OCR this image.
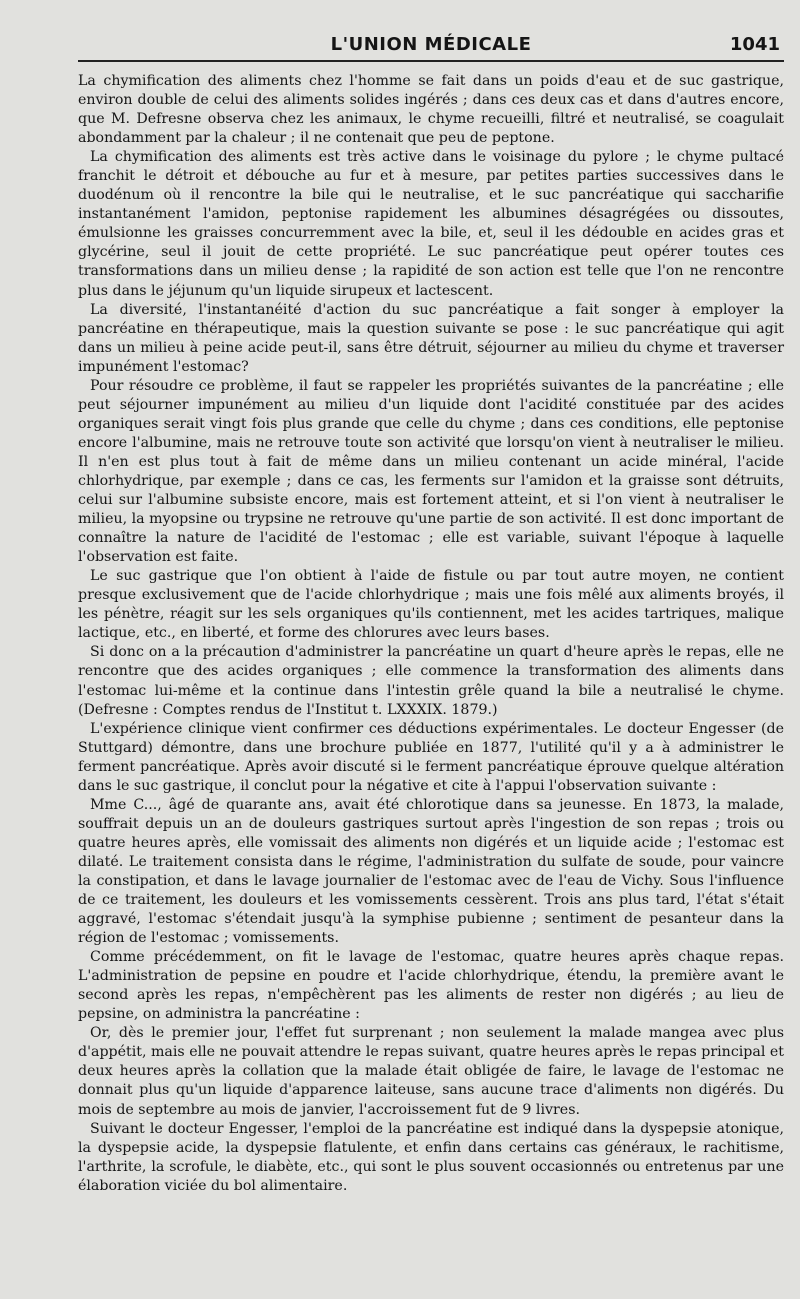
L'UNION MÉDICALE	1041

La chymification des aliments chez l'homme se fait dans un poids d'eau et de suc gastrique, environ double de celui des aliments solides ingérés ; dans ces deux cas et dans d'autres encore, que M. Defresne observa chez les animaux, le chyme recueilli, filtré et neutralisé, se coagulait abondamment par la chaleur ; il ne contenait que peu de peptone.

La chymification des aliments est très active dans le voisinage du pylore ; le chyme pultacé franchit le détroit et débouche au fur et à mesure, par petites parties successives dans le duodénum où il rencontre la bile qui le neutralise, et le suc pancréatique qui saccharifie instantanément l'amidon, peptonise rapidement les albumines désagrégées ou dissoutes, émulsionne les graisses concurremment avec la bile, et, seul il les dédouble en acides gras et glycérine, seul il jouit de cette propriété. Le suc pancréatique peut opérer toutes ces transformations dans un milieu dense ; la rapidité de son action est telle que l'on ne rencontre plus dans le jéjunum qu'un liquide sirupeux et lactescent.

La diversité, l'instantanéité d'action du suc pancréatique a fait songer à employer la pancréatine en thérapeutique, mais la question suivante se pose : le suc pancréatique qui agit dans un milieu à peine acide peut-il, sans être détruit, séjourner au milieu du chyme et traverser impunément l'estomac?

Pour résoudre ce problème, il faut se rappeler les propriétés suivantes de la pancréatine ; elle peut séjourner impunément au milieu d'un liquide dont l'acidité constituée par des acides organiques serait vingt fois plus grande que celle du chyme ; dans ces conditions, elle peptonise encore l'albumine, mais ne retrouve toute son activité que lorsqu'on vient à neutraliser le milieu. Il n'en est plus tout à fait de même dans un milieu contenant un acide minéral, l'acide chlorhydrique, par exemple ; dans ce cas, les ferments sur l'amidon et la graisse sont détruits, celui sur l'albumine subsiste encore, mais est fortement atteint, et si l'on vient à neutraliser le milieu, la myopsine ou trypsine ne retrouve qu'une partie de son activité. Il est donc important de connaître la nature de l'acidité de l'estomac ; elle est variable, suivant l'époque à laquelle l'observation est faite.

Le suc gastrique que l'on obtient à l'aide de fistule ou par tout autre moyen, ne contient presque exclusivement que de l'acide chlorhydrique ; mais une fois mêlé aux aliments broyés, il les pénètre, réagit sur les sels organiques qu'ils contiennent, met les acides tartriques, malique lactique, etc., en liberté, et forme des chlorures avec leurs bases.

Si donc on a la précaution d'administrer la pancréatine un quart d'heure après le repas, elle ne rencontre que des acides organiques ; elle commence la transformation des aliments dans l'estomac lui-même et la continue dans l'intestin grêle quand la bile a neutralisé le chyme. (Defresne : Comptes rendus de l'Institut t. LXXXIX. 1879.)

L'expérience clinique vient confirmer ces déductions expérimentales. Le docteur Engesser (de Stuttgard) démontre, dans une brochure publiée en 1877, l'utilité qu'il y a à administrer le ferment pancréatique. Après avoir discuté si le ferment pancréatique éprouve quelque altération dans le suc gastrique, il conclut pour la négative et cite à l'appui l'observation suivante :

Mme C..., âgé de quarante ans, avait été chlorotique dans sa jeunesse. En 1873, la malade, souffrait depuis un an de douleurs gastriques surtout après l'ingestion de son repas ; trois ou quatre heures après, elle vomissait des aliments non digérés et un liquide acide ; l'estomac est dilaté. Le traitement consista dans le régime, l'administration du sulfate de soude, pour vaincre la constipation, et dans le lavage journalier de l'estomac avec de l'eau de Vichy. Sous l'influence de ce traitement, les douleurs et les vomissements cessèrent. Trois ans plus tard, l'état s'était aggravé, l'estomac s'étendait jusqu'à la symphise pubienne ; sentiment de pesanteur dans la région de l'estomac ; vomissements.

Comme précédemment, on fit le lavage de l'estomac, quatre heures après chaque repas. L'administration de pepsine en poudre et l'acide chlorhydrique, étendu, la première avant le second après les repas, n'empêchèrent pas les aliments de rester non digérés ; au lieu de pepsine, on administra la pancréatine :

Or, dès le premier jour, l'effet fut surprenant ; non seulement la malade mangea avec plus d'appétit, mais elle ne pouvait attendre le repas suivant, quatre heures après le repas principal et deux heures après la collation que la malade était obligée de faire, le lavage de l'estomac ne donnait plus qu'un liquide d'apparence laiteuse, sans aucune trace d'aliments non digérés. Du mois de septembre au mois de janvier, l'accroissement fut de 9 livres.

Suivant le docteur Engesser, l'emploi de la pancréatine est indiqué dans la dyspepsie atonique, la dyspepsie acide, la dyspepsie flatulente, et enfin dans certains cas généraux, le rachitisme, l'arthrite, la scrofule, le diabète, etc., qui sont le plus souvent occasionnés ou entretenus par une élaboration viciée du bol alimentaire.
